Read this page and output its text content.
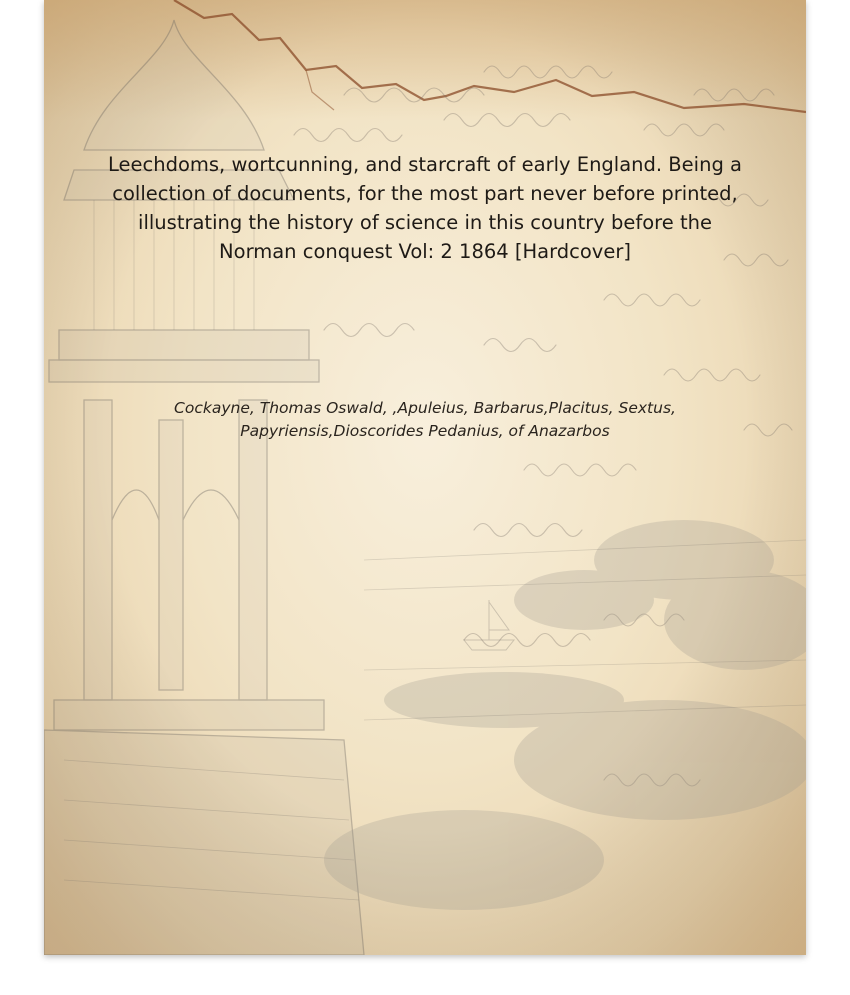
Leechdoms, wortcunning, and starcraft of early England. Being a collection of documents, for the most part never before printed, illustrating the history of science in this country before the Norman conquest Vol: 2 1864 [Hardcover]

Cockayne, Thomas Oswald, ,Apuleius, Barbarus,Placitus, Sextus, Papyriensis,Dioscorides Pedanius, of Anazarbos
